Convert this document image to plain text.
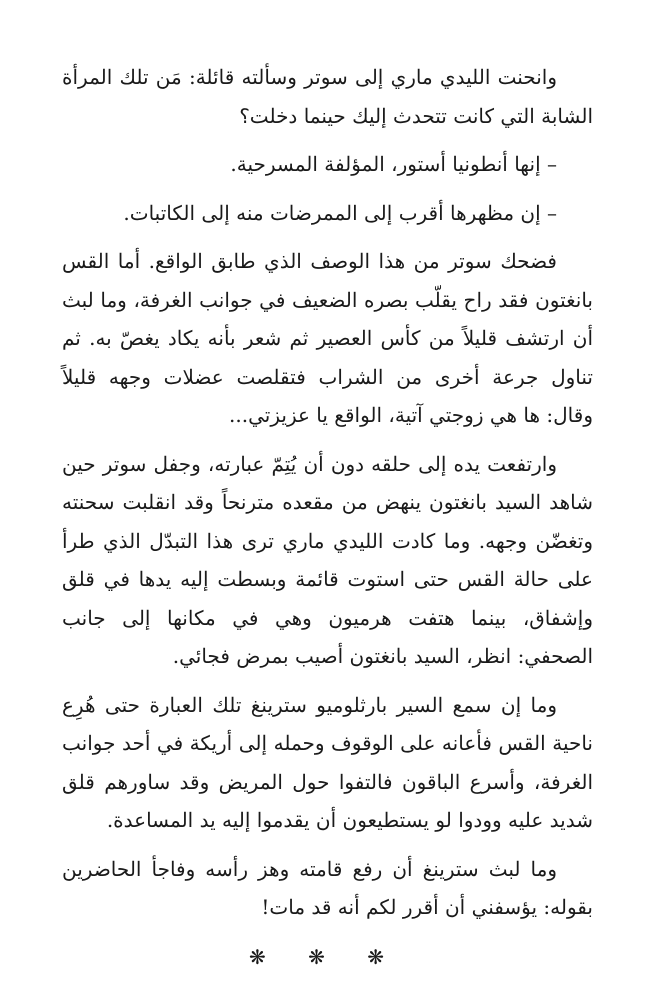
وانحنت الليدي ماري إلى سوتر وسألته قائلة: مَن تلك المرأة الشابة التي كانت تتحدث إليك حينما دخلت؟

– إنها أنطونيا أستور، المؤلفة المسرحية.

– إن مظهرها أقرب إلى الممرضات منه إلى الكاتبات.

فضحك سوتر من هذا الوصف الذي طابق الواقع. أما القس بانغتون فقد راح يقلّب بصره الضعيف في جوانب الغرفة، وما لبث أن ارتشف قليلاً من كأس العصير ثم شعر بأنه يكاد يغصّ به. ثم تناول جرعة أخرى من الشراب فتقلصت عضلات وجهه قليلاً وقال: ها هي زوجتي آتية، الواقع يا عزيزتي...

وارتفعت يده إلى حلقه دون أن يُتِمّ عبارته، وجفل سوتر حين شاهد السيد بانغتون ينهض من مقعده مترنحاً وقد انقلبت سحنته وتغضّن وجهه. وما كادت الليدي ماري ترى هذا التبدّل الذي طرأ على حالة القس حتى استوت قائمة وبسطت إليه يدها في قلق وإشفاق، بينما هتفت هرميون وهي في مكانها إلى جانب الصحفي: انظر، السيد بانغتون أصيب بمرض فجائي.

وما إن سمع السير بارثلوميو سترينغ تلك العبارة حتى هُرِع ناحية القس فأعانه على الوقوف وحمله إلى أريكة في أحد جوانب الغرفة، وأسرع الباقون فالتفوا حول المريض وقد ساورهم قلق شديد عليه وودوا لو يستطيعون أن يقدموا إليه يد المساعدة.

وما لبث سترينغ أن رفع قامته وهز رأسه وفاجأ الحاضرين بقوله: يؤسفني أن أقرر لكم أنه قد مات!

❋ ❋ ❋
